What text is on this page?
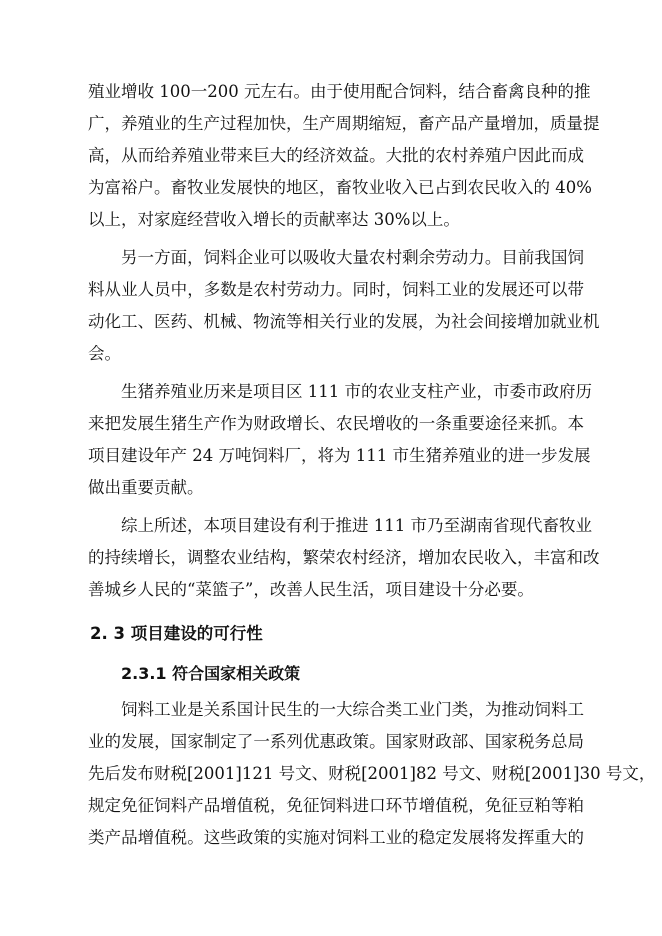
殖业增收 100一200 元左右。由于使用配合饲料，结合畜禽良种的推
广，养殖业的生产过程加快，生产周期缩短，畜产品产量增加，质量提
高，从而给养殖业带来巨大的经济效益。大批的农村养殖户因此而成
为富裕户。畜牧业发展快的地区，畜牧业收入已占到农民收入的 40%
以上，对家庭经营收入增长的贡献率达 30%以上。
另一方面，饲料企业可以吸收大量农村剩余劳动力。目前我国饲
料从业人员中，多数是农村劳动力。同时，饲料工业的发展还可以带
动化工、医药、机械、物流等相关行业的发展，为社会间接增加就业机
会。
生猪养殖业历来是项目区 111 市的农业支柱产业，市委市政府历
来把发展生猪生产作为财政增长、农民增收的一条重要途径来抓。本
项目建设年产 24 万吨饲料厂，将为 111 市生猪养殖业的进一步发展
做出重要贡献。
综上所述，本项目建设有利于推进 111 市乃至湖南省现代畜牧业
的持续增长，调整农业结构，繁荣农村经济，增加农民收入，丰富和改
善城乡人民的“菜篮子”，改善人民生活，项目建设十分必要。
2. 3 项目建设的可行性
2.3.1 符合国家相关政策
饲料工业是关系国计民生的一大综合类工业门类，为推动饲料工
业的发展，国家制定了一系列优惠政策。国家财政部、国家税务总局
先后发布财税[2001]121 号文、财税[2001]82 号文、财税[2001]30 号文，
规定免征饲料产品增值税，免征饲料进口环节增值税，免征豆粕等粕
类产品增值税。这些政策的实施对饲料工业的稳定发展将发挥重大的
